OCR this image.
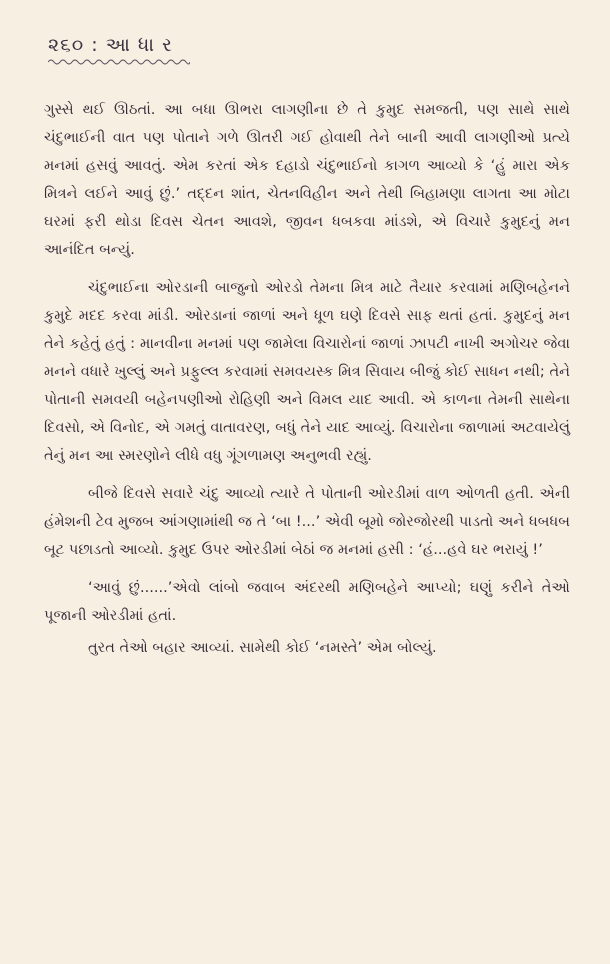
૨૬૦ : આ ધા ર

ગુસ્સે થઈ ઊઠતાં. આ બધા ઊભરા લાગણીના છે તે કુમુદ સમજતી, પણ સાથે સાથે ચંદુભાઈની વાત પણ પોતાને ગળે ઊતરી ગઈ હોવાથી તેને બાની આવી લાગણીઓ પ્રત્યે મનમાં હસવું આવતું. એમ કરતાં એક દહાડો ચંદુભાઈનો કાગળ આવ્યો કે ‘હું મારા એક મિત્રને લઈને આવું છું.’ તદ્દન શાંત, ચેતનવિહીન અને તેથી બિહામણા લાગતા આ મોટા ઘરમાં ફરી થોડા દિવસ ચેતન આવશે, જીવન ધબકવા માંડશે, એ વિચારે કુમુદનું મન આનંદિત બન્યું.

ચંદુભાઈના ઓરડાની બાજુનો ઓરડો તેમના મિત્ર માટે તૈયાર કરવામાં મણિબહેનને કુમુદે મદદ કરવા માંડી. ઓરડાનાં જાળાં અને ધૂળ ઘણે દિવસે સાફ થતાં હતાં. કુમુદનું મન તેને કહેતું હતું : માનવીના મનમાં પણ જામેલા વિચારોનાં જાળાં ઝાપટી નાખી અગોચર જેવા મનને વધારે ખુલ્લું અને પ્રફુલ્લ કરવામાં સમવયસ્ક મિત્ર સિવાય બીજું કોઈ સાધન નથી; તેને પોતાની સમવયી બહેનપણીઓ રોહિણી અને વિમલ યાદ આવી. એ કાળના તેમની સાથેના દિવસો, એ વિનોદ, એ ગમતું વાતાવરણ, બધું તેને યાદ આવ્યું. વિચારોના જાળામાં અટવાયેલું તેનું મન આ સ્મરણોને લીધે વધુ ગૂંગળામણ અનુભવી રહ્યું.

બીજે દિવસે સવારે ચંદુ આવ્યો ત્યારે તે પોતાની ઓરડીમાં વાળ ઓળતી હતી. એની હંમેશની ટેવ મુજબ આંગણામાંથી જ તે ‘બા !...’ એવી બૂમો જોરજોરથી પાડતો અને ધબધબ બૂટ પછાડતો આવ્યો. કુમુદ ઉપર ઓરડીમાં બેઠાં જ મનમાં હસી : ‘હં...હવે ઘર ભરાયું !’

‘આવું છું......’એવો લાંબો જવાબ અંદરથી મણિબહેને આપ્યો; ઘણું કરીને તેઓ પૂજાની ઓરડીમાં હતાં.

તુરત તેઓ બહાર આવ્યાં. સામેથી કોઈ ‘નમસ્તે’ એમ બોલ્યું.
